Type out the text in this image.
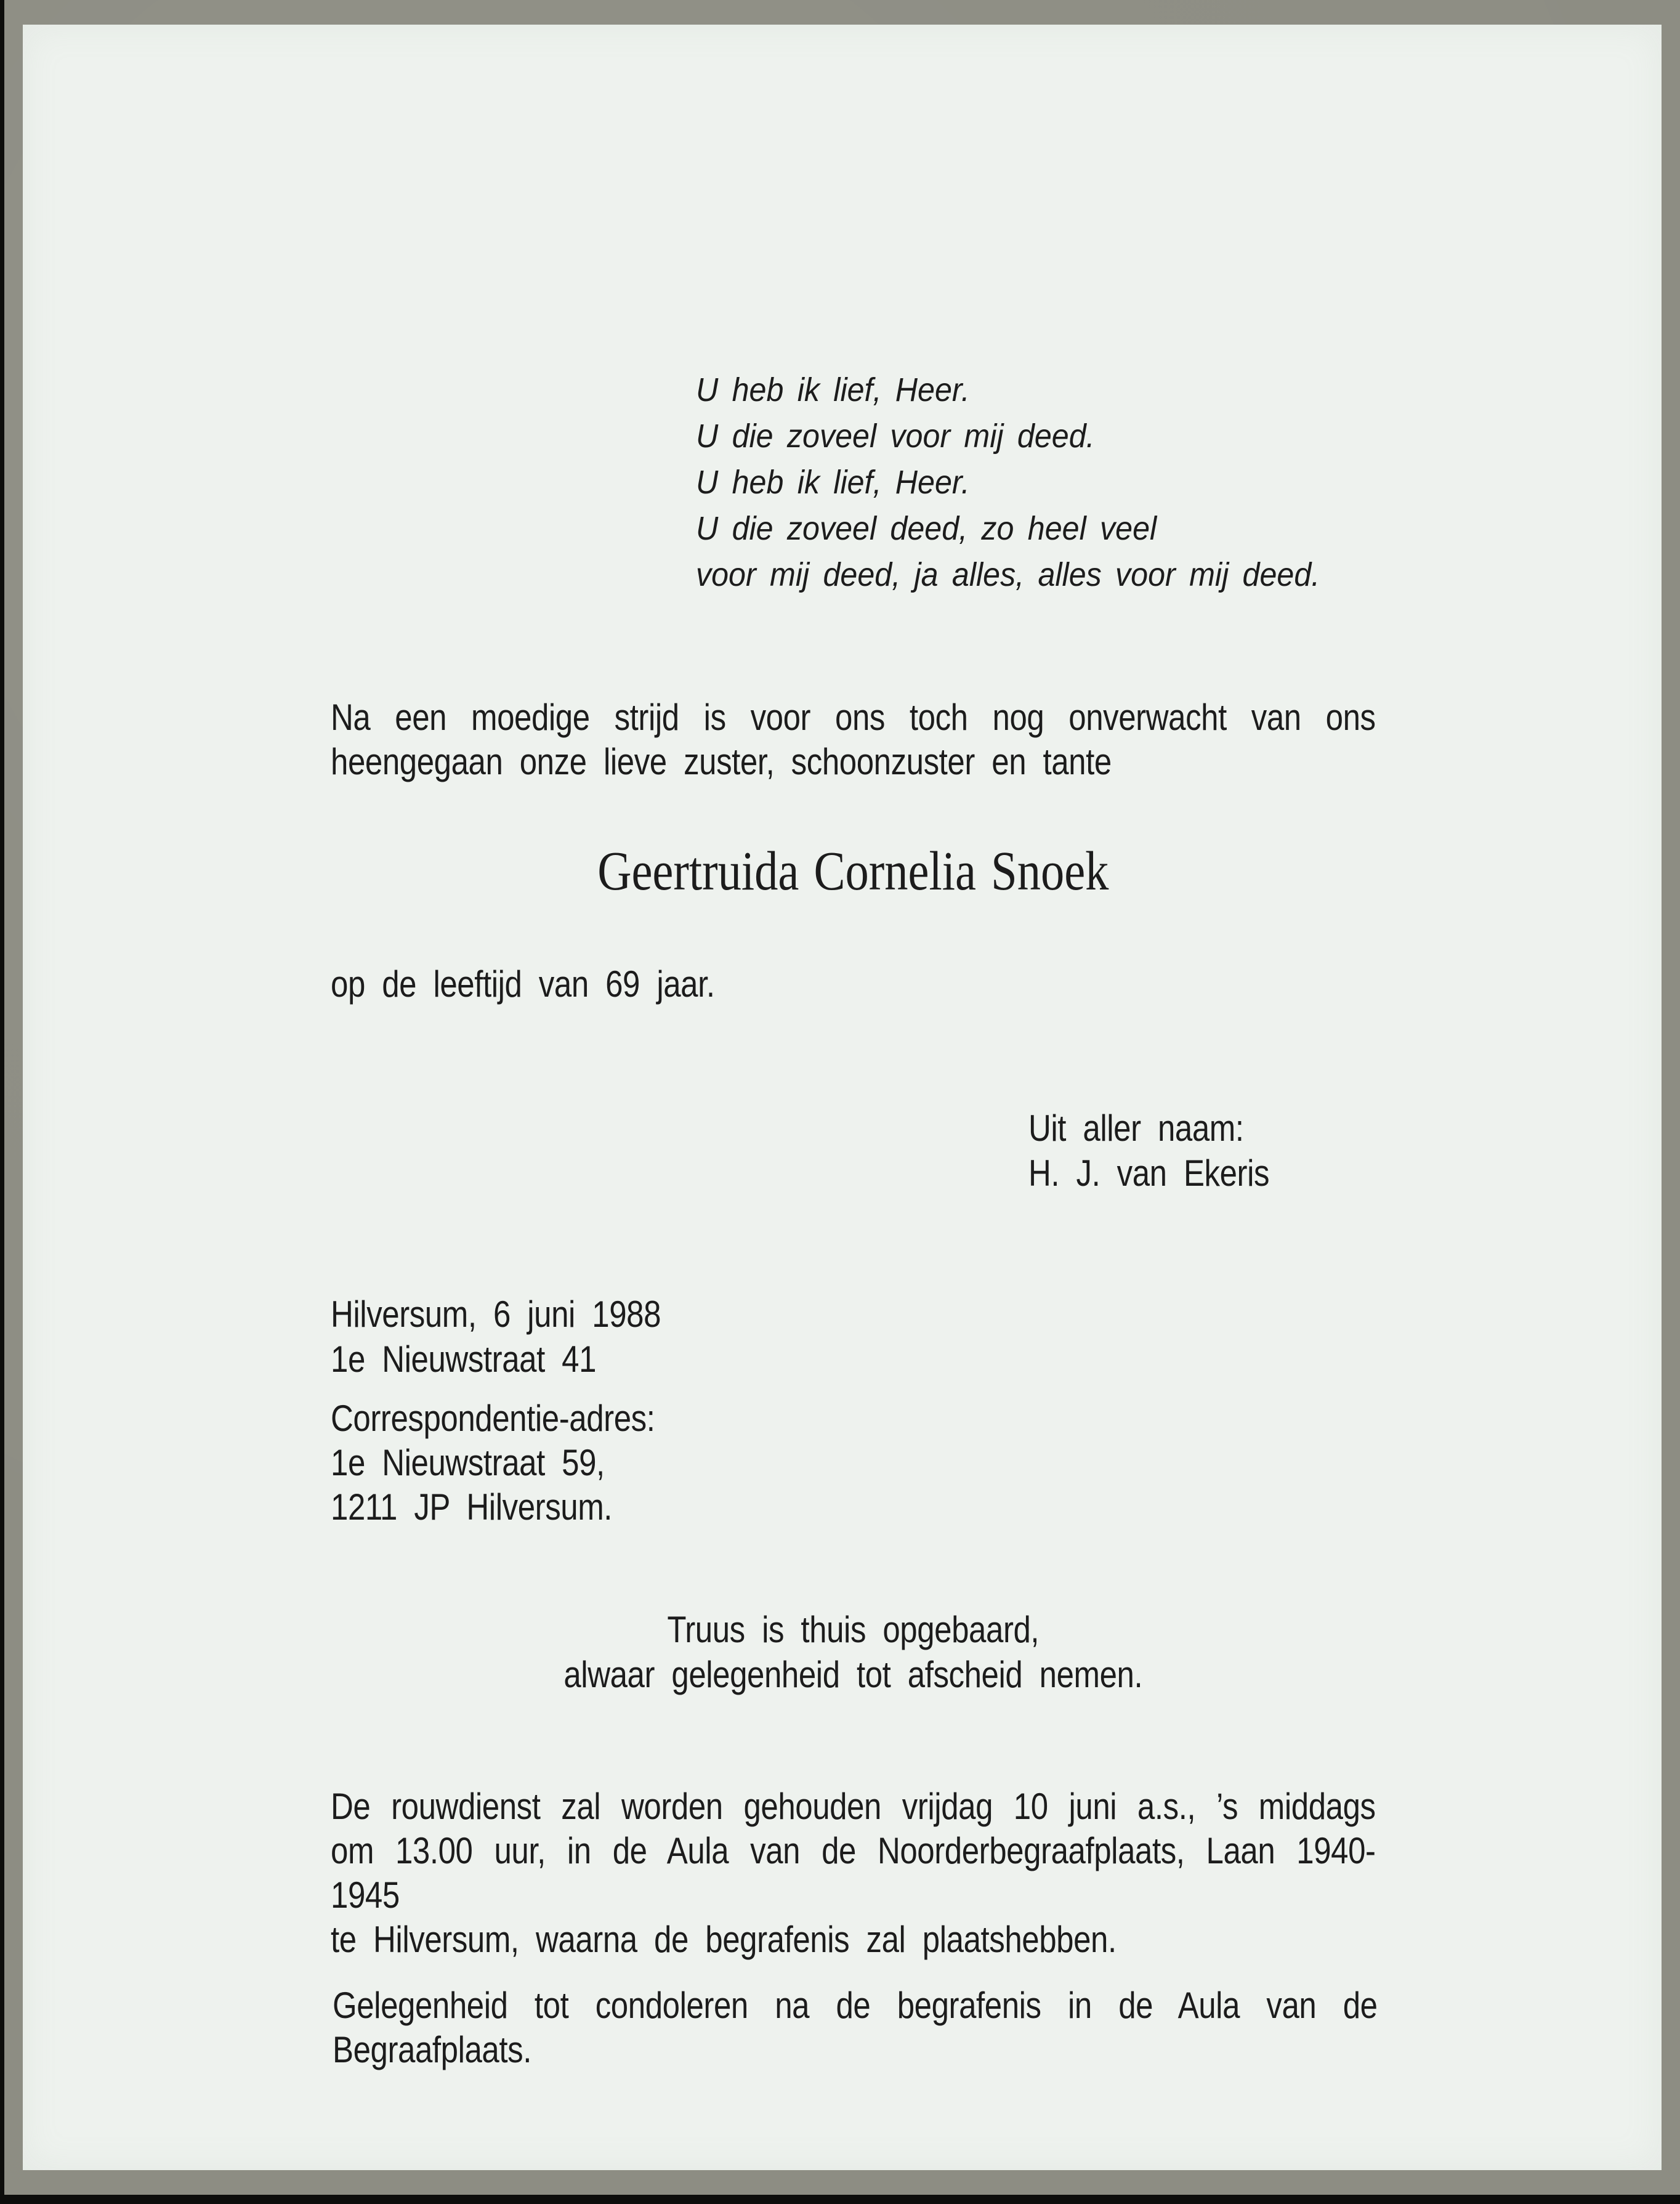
U heb ik lief, Heer.
U die zoveel voor mij deed.
U heb ik lief, Heer.
U die zoveel deed, zo heel veel
voor mij deed, ja alles, alles voor mij deed.
Na een moedige strijd is voor ons toch nog onverwacht van ons
heengegaan onze lieve zuster, schoonzuster en tante
Geertruida Cornelia Snoek
op de leeftijd van 69 jaar.
Uit aller naam:
H. J. van Ekeris
Hilversum, 6 juni 1988
1e Nieuwstraat 41
Correspondentie-adres:
1e Nieuwstraat 59,
1211 JP Hilversum.
Truus is thuis opgebaard,
alwaar gelegenheid tot afscheid nemen.
De rouwdienst zal worden gehouden vrijdag 10 juni a.s., ’s middags
om 13.00 uur, in de Aula van de Noorderbegraafplaats, Laan 1940-1945
te Hilversum, waarna de begrafenis zal plaatshebben.
Gelegenheid tot condoleren na de begrafenis in de Aula van de
Begraafplaats.
